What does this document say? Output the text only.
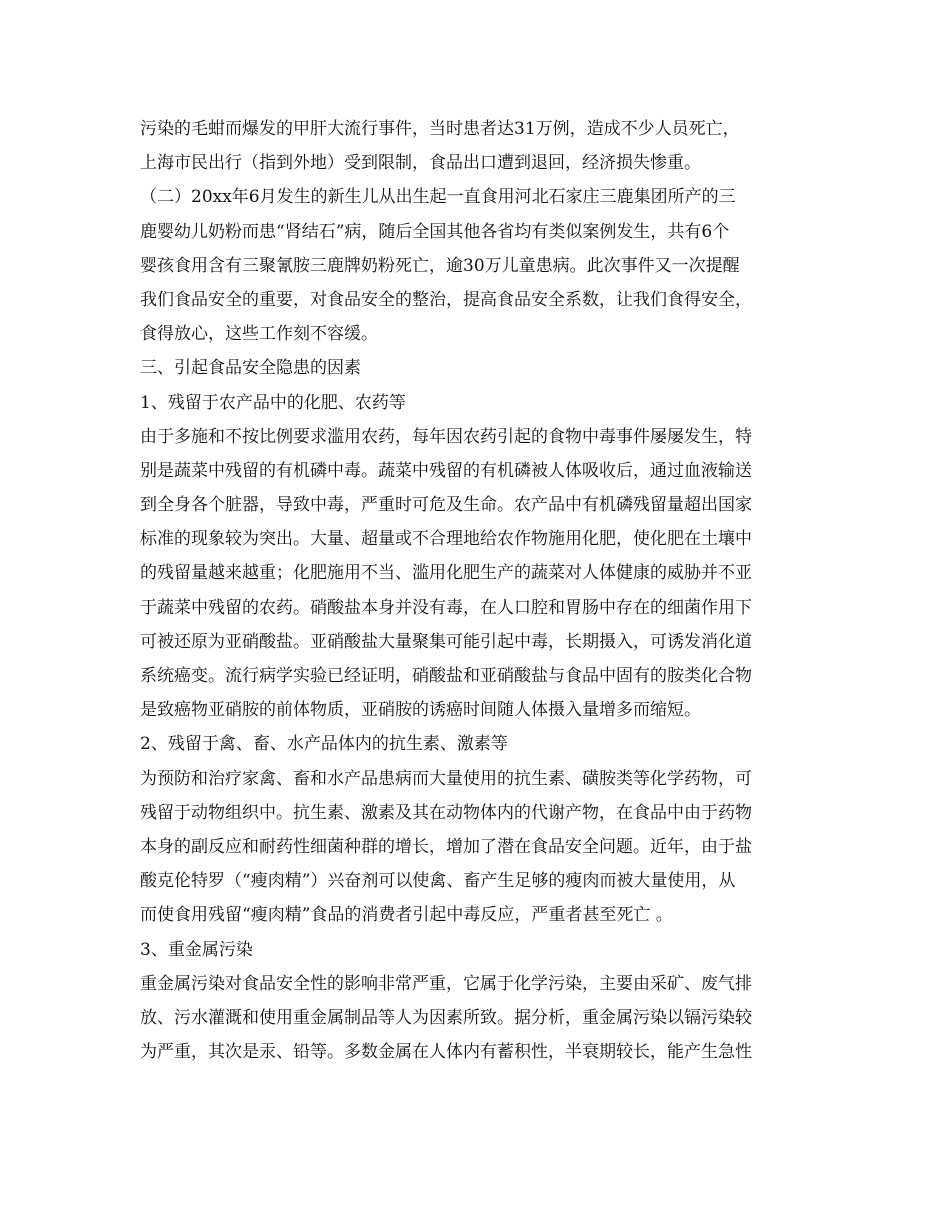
污染的毛蚶而爆发的甲肝大流行事件，当时患者达31万例，造成不少人员死亡，
上海市民出行（指到外地）受到限制，食品出口遭到退回，经济损失惨重。
（二）20xx年6月发生的新生儿从出生起一直食用河北石家庄三鹿集团所产的三
鹿婴幼儿奶粉而患“肾结石”病，随后全国其他各省均有类似案例发生，共有6个
婴孩食用含有三聚氰胺三鹿牌奶粉死亡，逾30万儿童患病。此次事件又一次提醒
我们食品安全的重要，对食品安全的整治，提高食品安全系数，让我们食得安全，
食得放心，这些工作刻不容缓。
三、引起食品安全隐患的因素
1、残留于农产品中的化肥、农药等
由于多施和不按比例要求滥用农药，每年因农药引起的食物中毒事件屡屡发生，特
别是蔬菜中残留的有机磷中毒。蔬菜中残留的有机磷被人体吸收后，通过血液输送
到全身各个脏器，导致中毒，严重时可危及生命。农产品中有机磷残留量超出国家
标准的现象较为突出。大量、超量或不合理地给农作物施用化肥，使化肥在土壤中
的残留量越来越重；化肥施用不当、滥用化肥生产的蔬菜对人体健康的威胁并不亚
于蔬菜中残留的农药。硝酸盐本身并没有毒，在人口腔和胃肠中存在的细菌作用下
可被还原为亚硝酸盐。亚硝酸盐大量聚集可能引起中毒，长期摄入，可诱发消化道
系统癌变。流行病学实验已经证明，硝酸盐和亚硝酸盐与食品中固有的胺类化合物
是致癌物亚硝胺的前体物质，亚硝胺的诱癌时间随人体摄入量增多而缩短。
2、残留于禽、畜、水产品体内的抗生素、激素等
为预防和治疗家禽、畜和水产品患病而大量使用的抗生素、磺胺类等化学药物，可
残留于动物组织中。抗生素、激素及其在动物体内的代谢产物，在食品中由于药物
本身的副反应和耐药性细菌种群的增长，增加了潜在食品安全问题。近年，由于盐
酸克伦特罗（“瘦肉精”）兴奋剂可以使禽、畜产生足够的瘦肉而被大量使用，从
而使食用残留“瘦肉精”食品的消费者引起中毒反应，严重者甚至死亡 。
3、重金属污染
重金属污染对食品安全性的影响非常严重，它属于化学污染，主要由采矿、废气排
放、污水灌溉和使用重金属制品等人为因素所致。据分析，重金属污染以镉污染较
为严重，其次是汞、铅等。多数金属在人体内有蓄积性，半衰期较长，能产生急性
